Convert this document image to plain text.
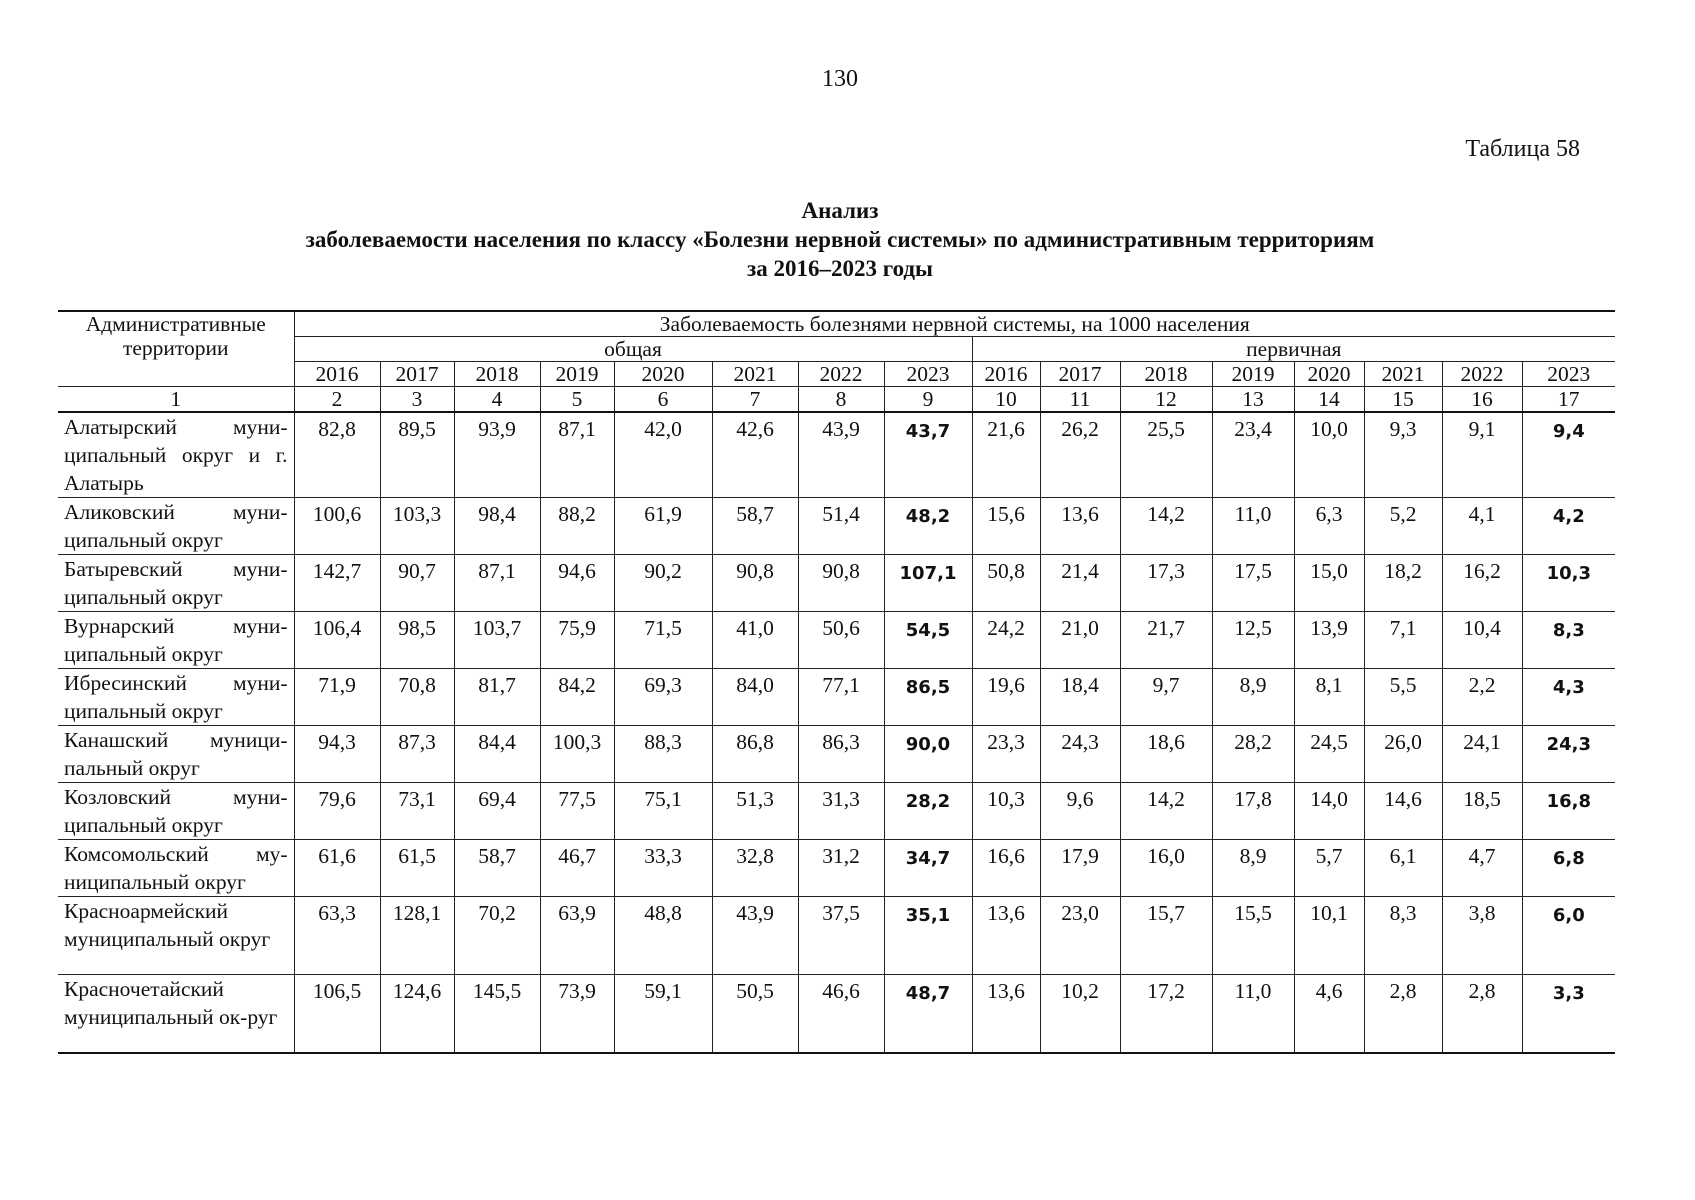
130
Таблица 58
Анализ
заболеваемости населения по классу «Болезни нервной системы» по административным территориям
за 2016–2023 годы
Административные территории	Заболеваемость болезнями нервной системы, на 1000 населения															
	общая								первичная							
	2016	2017	2018	2019	2020	2021	2022	2023	2016	2017	2018	2019	2020	2021	2022	2023
1	2	3	4	5	6	7	8	9	10	11	12	13	14	15	16	17
Алатырский муни-ципальный округ и г. Алатырь	82,8	89,5	93,9	87,1	42,0	42,6	43,9	43,7	21,6	26,2	25,5	23,4	10,0	9,3	9,1	9,4
Аликовский муни-ципальный округ	100,6	103,3	98,4	88,2	61,9	58,7	51,4	48,2	15,6	13,6	14,2	11,0	6,3	5,2	4,1	4,2
Батыревский муни-ципальный округ	142,7	90,7	87,1	94,6	90,2	90,8	90,8	107,1	50,8	21,4	17,3	17,5	15,0	18,2	16,2	10,3
Вурнарский муни-ципальный округ	106,4	98,5	103,7	75,9	71,5	41,0	50,6	54,5	24,2	21,0	21,7	12,5	13,9	7,1	10,4	8,3
Ибресинский муни-ципальный округ	71,9	70,8	81,7	84,2	69,3	84,0	77,1	86,5	19,6	18,4	9,7	8,9	8,1	5,5	2,2	4,3
Канашский муници-пальный округ	94,3	87,3	84,4	100,3	88,3	86,8	86,3	90,0	23,3	24,3	18,6	28,2	24,5	26,0	24,1	24,3
Козловский муни-ципальный округ	79,6	73,1	69,4	77,5	75,1	51,3	31,3	28,2	10,3	9,6	14,2	17,8	14,0	14,6	18,5	16,8
Комсомольский му-ниципальный округ	61,6	61,5	58,7	46,7	33,3	32,8	31,2	34,7	16,6	17,9	16,0	8,9	5,7	6,1	4,7	6,8
Красноармейский муниципальный округ	63,3	128,1	70,2	63,9	48,8	43,9	37,5	35,1	13,6	23,0	15,7	15,5	10,1	8,3	3,8	6,0
Красночетайский муниципальный ок-руг	106,5	124,6	145,5	73,9	59,1	50,5	46,6	48,7	13,6	10,2	17,2	11,0	4,6	2,8	2,8	3,3
